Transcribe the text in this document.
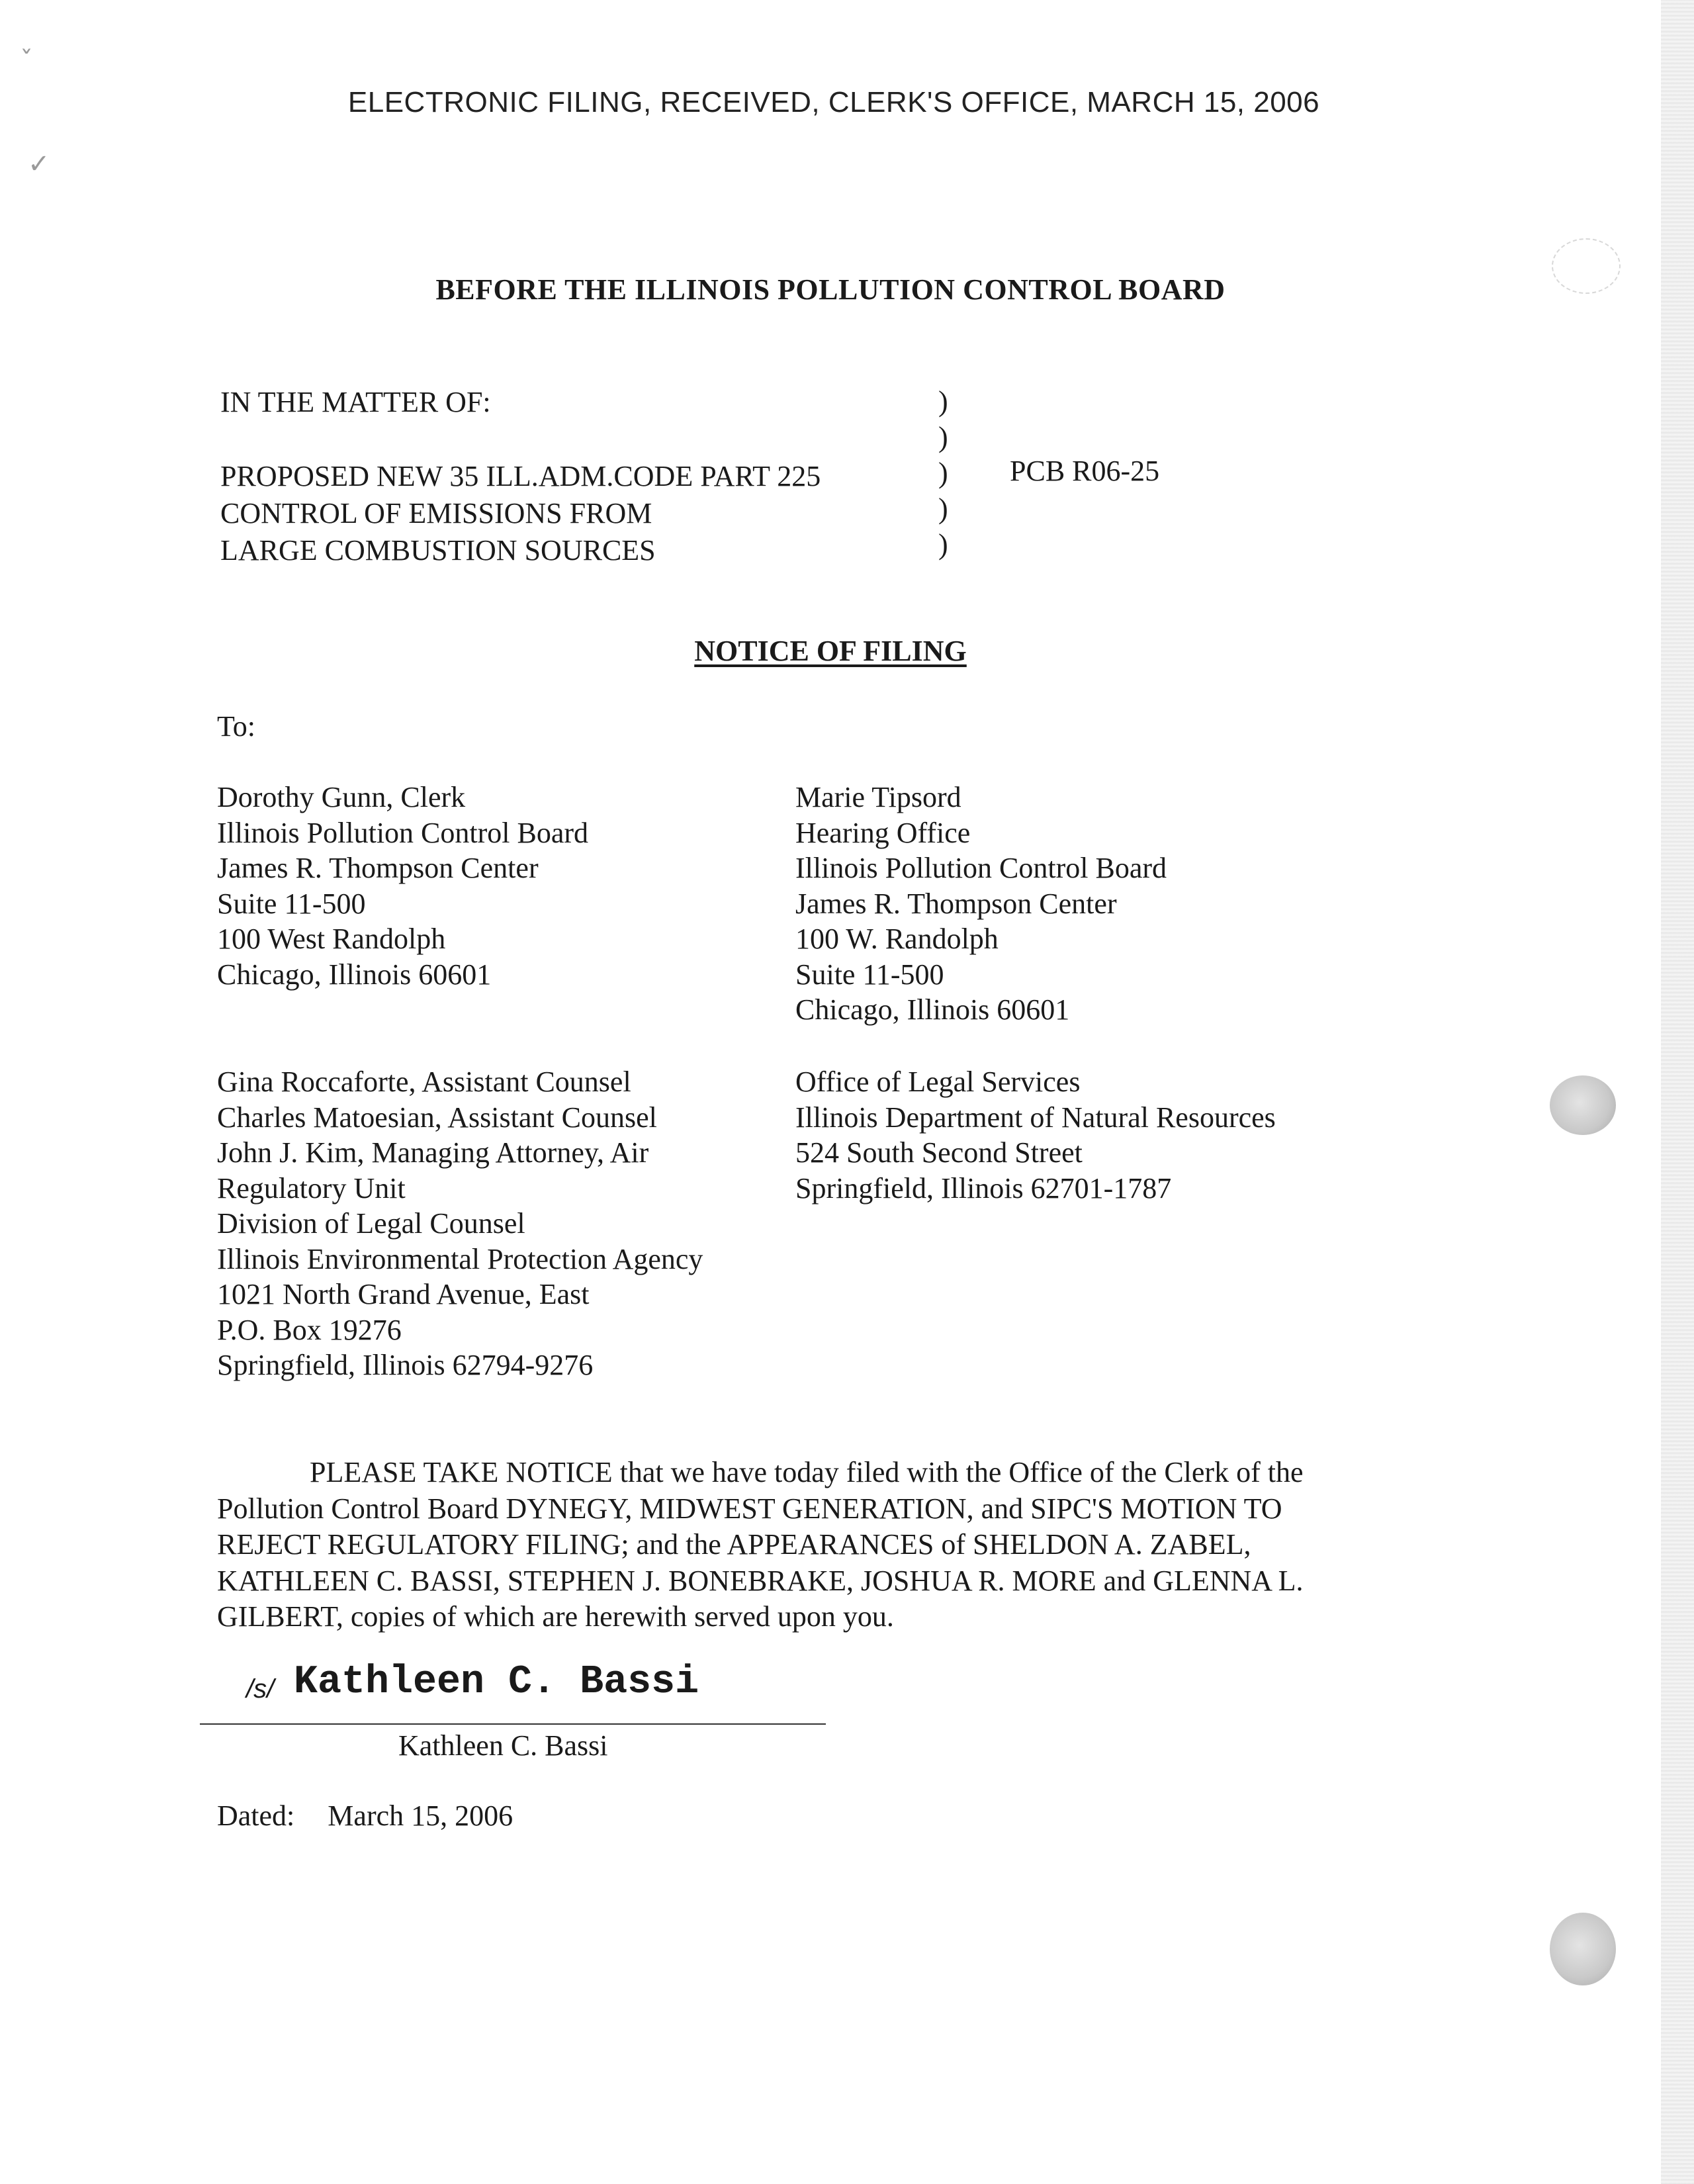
ˇ
✓
ELECTRONIC FILING, RECEIVED, CLERK'S OFFICE, MARCH 15, 2006
BEFORE THE ILLINOIS POLLUTION CONTROL BOARD
IN THE MATTER OF:
PROPOSED NEW 35 ILL.ADM.CODE PART 225
CONTROL OF EMISSIONS FROM
LARGE COMBUSTION SOURCES
)
)
)
)
)
PCB R06-25
NOTICE OF FILING
To:
Dorothy Gunn, Clerk
Illinois Pollution Control Board
James R. Thompson Center
Suite 11-500
100 West Randolph
Chicago, Illinois 60601
Marie Tipsord
Hearing Office
Illinois Pollution Control Board
James R. Thompson Center
100 W. Randolph
Suite 11-500
Chicago, Illinois 60601
Gina Roccaforte, Assistant Counsel
Charles Matoesian, Assistant Counsel
John J. Kim, Managing Attorney, Air
Regulatory Unit
Division of Legal Counsel
Illinois Environmental Protection Agency
1021 North Grand Avenue, East
P.O. Box 19276
Springfield, Illinois 62794-9276
Office of Legal Services
Illinois Department of Natural Resources
524 South Second Street
Springfield, Illinois 62701-1787
PLEASE TAKE NOTICE that we have today filed with the Office of the Clerk of the
Pollution Control Board DYNEGY, MIDWEST GENERATION, and SIPC'S MOTION TO
REJECT REGULATORY FILING; and the APPEARANCES of SHELDON A. ZABEL,
KATHLEEN C. BASSI, STEPHEN J. BONEBRAKE, JOSHUA R. MORE and GLENNA L.
GILBERT, copies of which are herewith served upon you.
/s/ Kathleen C. Bassi
Kathleen C. Bassi
Dated: March 15, 2006
